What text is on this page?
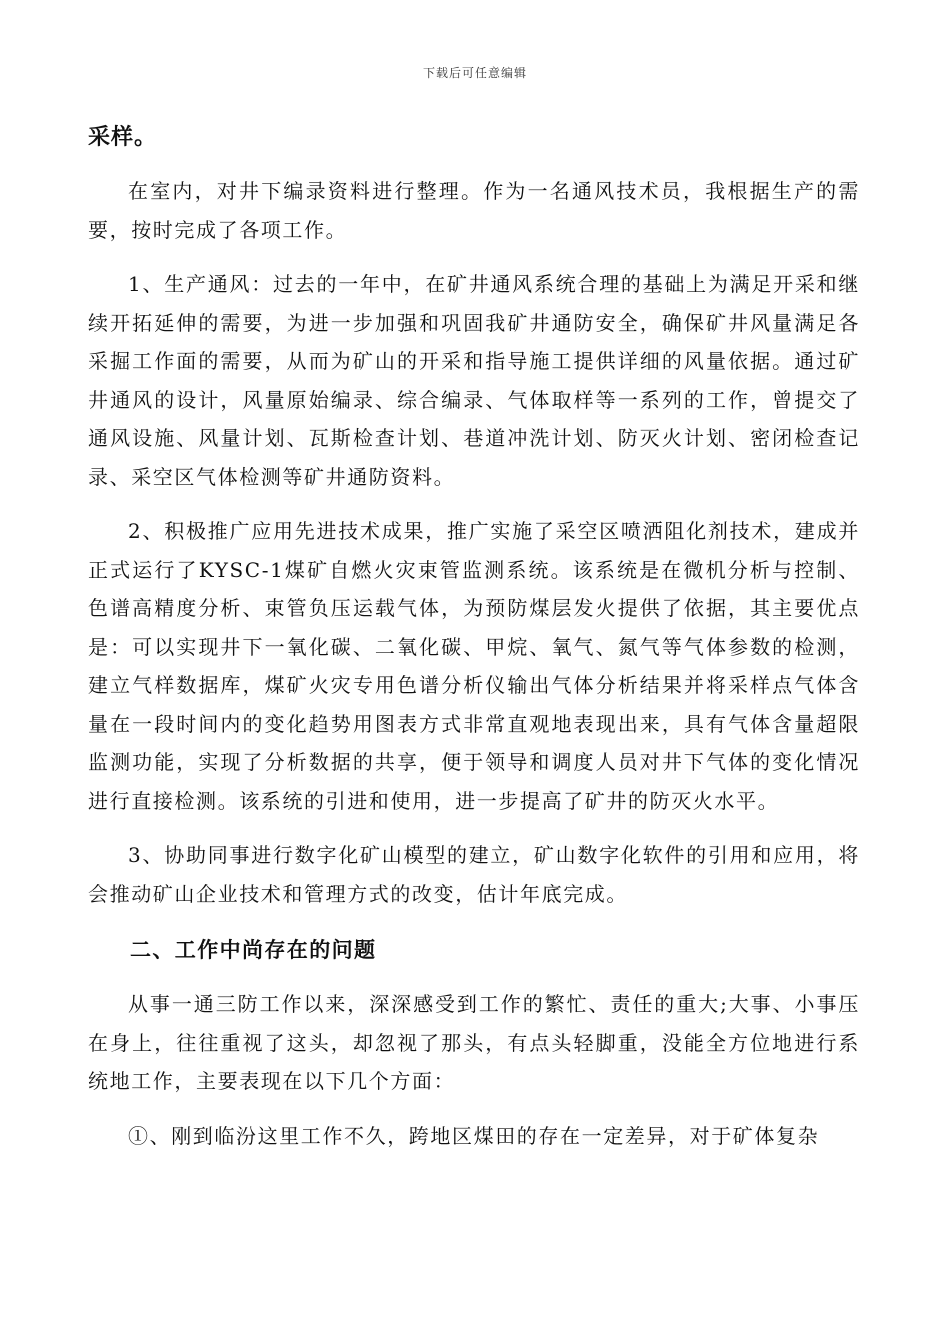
下载后可任意编辑

采样。

在室内，对井下编录资料进行整理。作为一名通风技术员，我根据生产的需要，按时完成了各项工作。

1、生产通风：过去的一年中，在矿井通风系统合理的基础上为满足开采和继续开拓延伸的需要，为进一步加强和巩固我矿井通防安全，确保矿井风量满足各采掘工作面的需要，从而为矿山的开采和指导施工提供详细的风量依据。通过矿井通风的设计，风量原始编录、综合编录、气体取样等一系列的工作，曾提交了通风设施、风量计划、瓦斯检查计划、巷道冲洗计划、防灭火计划、密闭检查记录、采空区气体检测等矿井通防资料。

2、积极推广应用先进技术成果，推广实施了采空区喷洒阻化剂技术，建成并正式运行了KYSC-1煤矿自燃火灾束管监测系统。该系统是在微机分析与控制、色谱高精度分析、束管负压运载气体，为预防煤层发火提供了依据，其主要优点是：可以实现井下一氧化碳、二氧化碳、甲烷、氧气、氮气等气体参数的检测，建立气样数据库，煤矿火灾专用色谱分析仪输出气体分析结果并将采样点气体含量在一段时间内的变化趋势用图表方式非常直观地表现出来，具有气体含量超限监测功能，实现了分析数据的共享，便于领导和调度人员对井下气体的变化情况进行直接检测。该系统的引进和使用，进一步提高了矿井的防灭火水平。

3、协助同事进行数字化矿山模型的建立，矿山数字化软件的引用和应用，将会推动矿山企业技术和管理方式的改变，估计年底完成。

二、工作中尚存在的问题

从事一通三防工作以来，深深感受到工作的繁忙、责任的重大;大事、小事压在身上，往往重视了这头，却忽视了那头，有点头轻脚重，没能全方位地进行系统地工作，主要表现在以下几个方面：

①、刚到临汾这里工作不久，跨地区煤田的存在一定差异，对于矿体复杂
